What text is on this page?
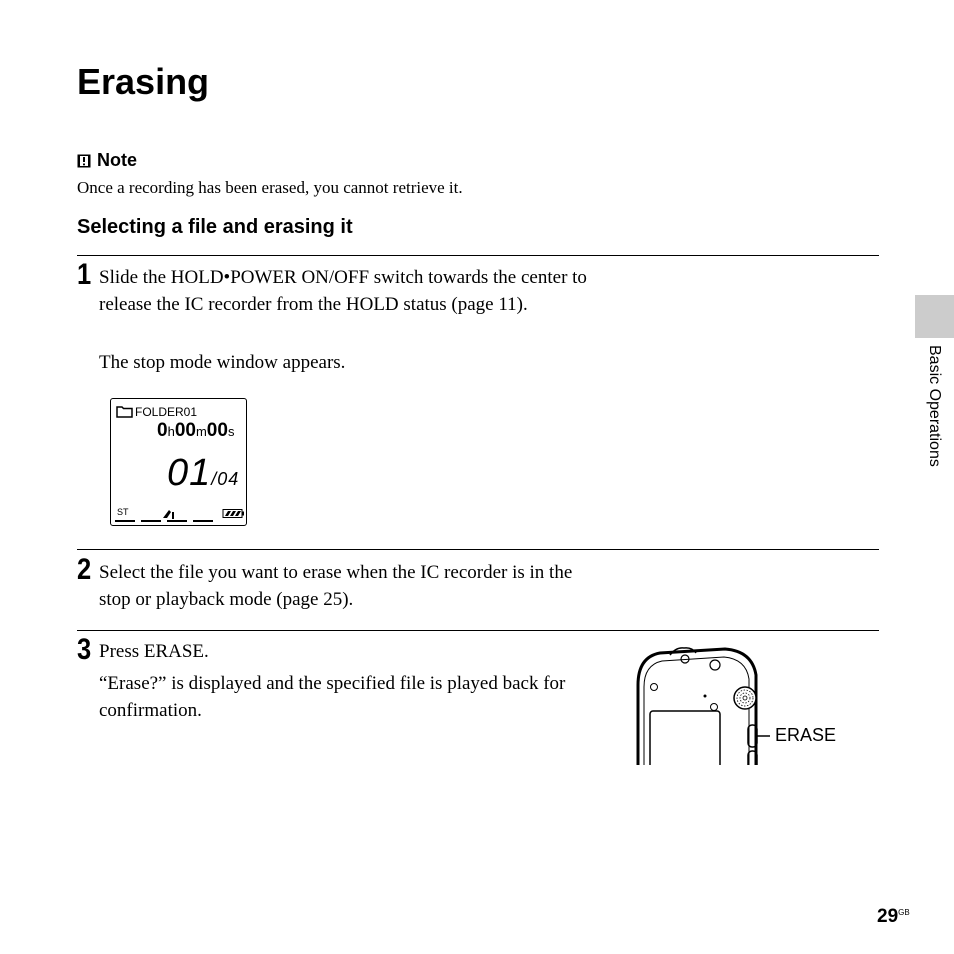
Erasing
Note
Once a recording has been erased, you cannot retrieve it.
Selecting a file and erasing it
1 Slide the HOLD•POWER ON/OFF switch towards the center to release the IC recorder from the HOLD status (page 11).
The stop mode window appears.
FOLDER01
0h00m00s
01/04
ST
2 Select the file you want to erase when the IC recorder is in the stop or playback mode (page 25).
3 Press ERASE.
“Erase?” is displayed and the specified file is played back for confirmation.
ERASE
Basic Operations
$29^{GB}$
